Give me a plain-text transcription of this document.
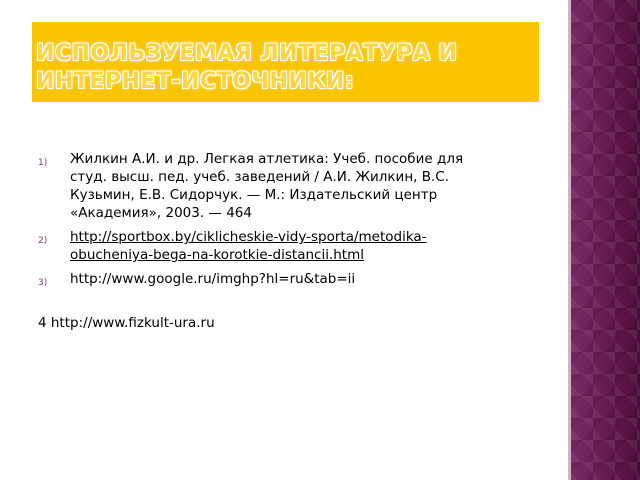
ИСПОЛЬЗУЕМАЯ ЛИТЕРАТУРА И
ИНТЕРНЕТ-ИСТОЧНИКИ:
1) Жилкин А.И. и др. Легкая атлетика: Учеб. пособие для студ. высш. пед. учеб. заведений / А.И. Жилкин, В.С. Кузьмин, Е.В. Сидорчук. — М.: Издательский центр «Академия», 2003. — 464
2) http://sportbox.by/ciklicheskie-vidy-sporta/metodika-obucheniya-bega-na-korotkie-distancii.html
3) http://www.google.ru/imghp?hl=ru&tab=ii
4 http://www.fizkult-ura.ru
